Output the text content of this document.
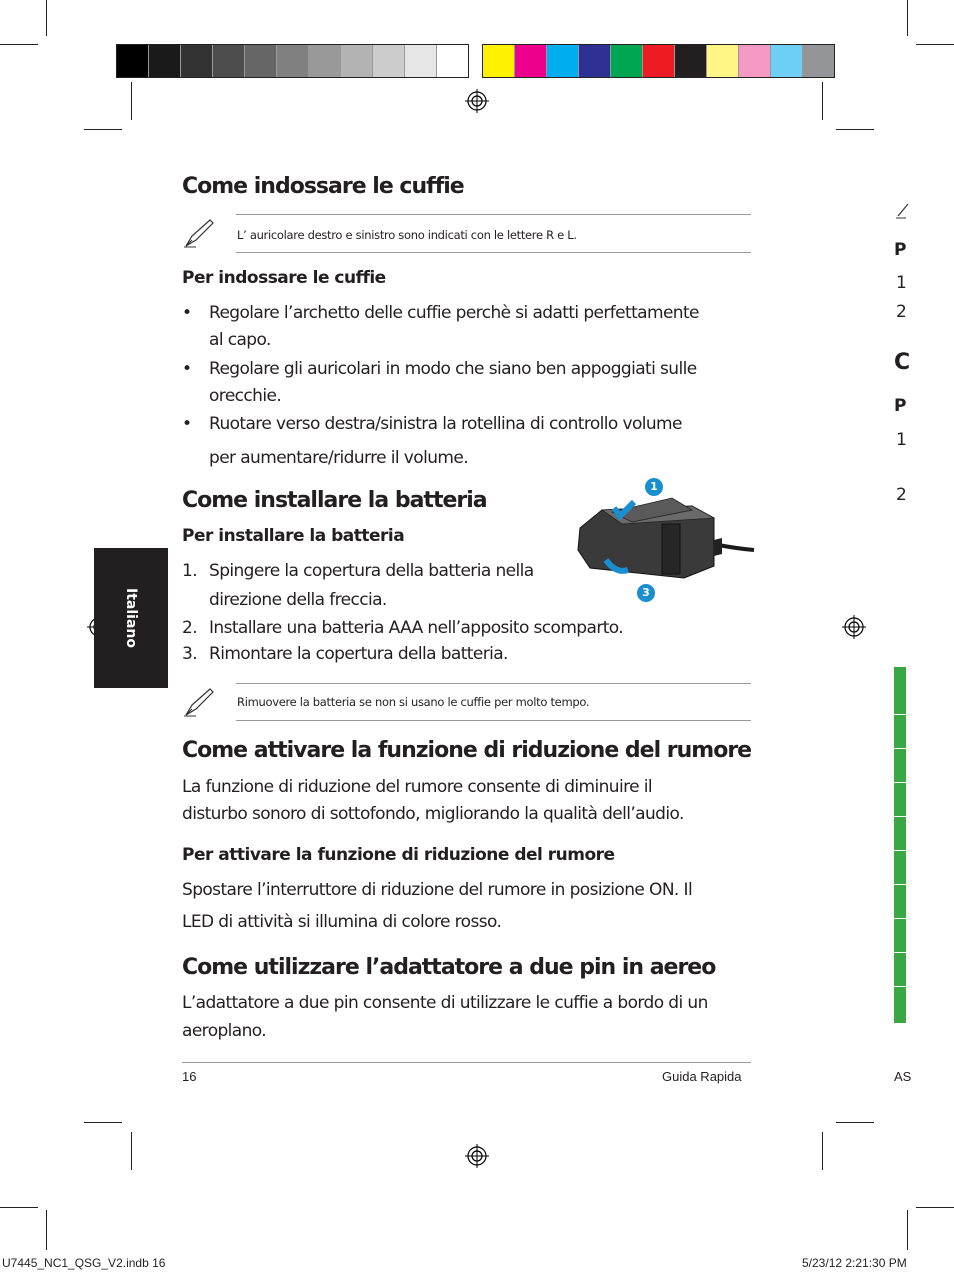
Italiano
Come indossare le cuffie
L’ auricolare destro e sinistro sono indicati con le lettere R e L.
Per indossare le cuffie
• Regolare l’archetto delle cuffie perchè si adatti perfettamente
al capo.
• Regolare gli auricolari in modo che siano ben appoggiati sulle
orecchie.
• Ruotare verso destra/sinistra la rotellina di controllo volume
per aumentare/ridurre il volume.
Come installare la batteria
Per installare la batteria
1. Spingere la copertura della batteria nella
direzione della freccia.
2. Installare una batteria AAA nell’apposito scomparto.
3. Rimontare la copertura della batteria.
1
3
Rimuovere la batteria se non si usano le cuffie per molto tempo.
Come attivare la funzione di riduzione del rumore
La funzione di riduzione del rumore consente di diminuire il
disturbo sonoro di sottofondo, migliorando la qualità dell’audio.
Per attivare la funzione di riduzione del rumore
Spostare l’interruttore di riduzione del rumore in posizione ON. Il
LED di attività si illumina di colore rosso.
Come utilizzare l’adattatore a due pin in aereo
L’adattatore a due pin consente di utilizzare le cuffie a bordo di un
aeroplano.
16	Guida Rapida
P
1
2
C
P
1
2
AS
U7445_NC1_QSG_V2.indb 16	5/23/12 2:21:30 PM
